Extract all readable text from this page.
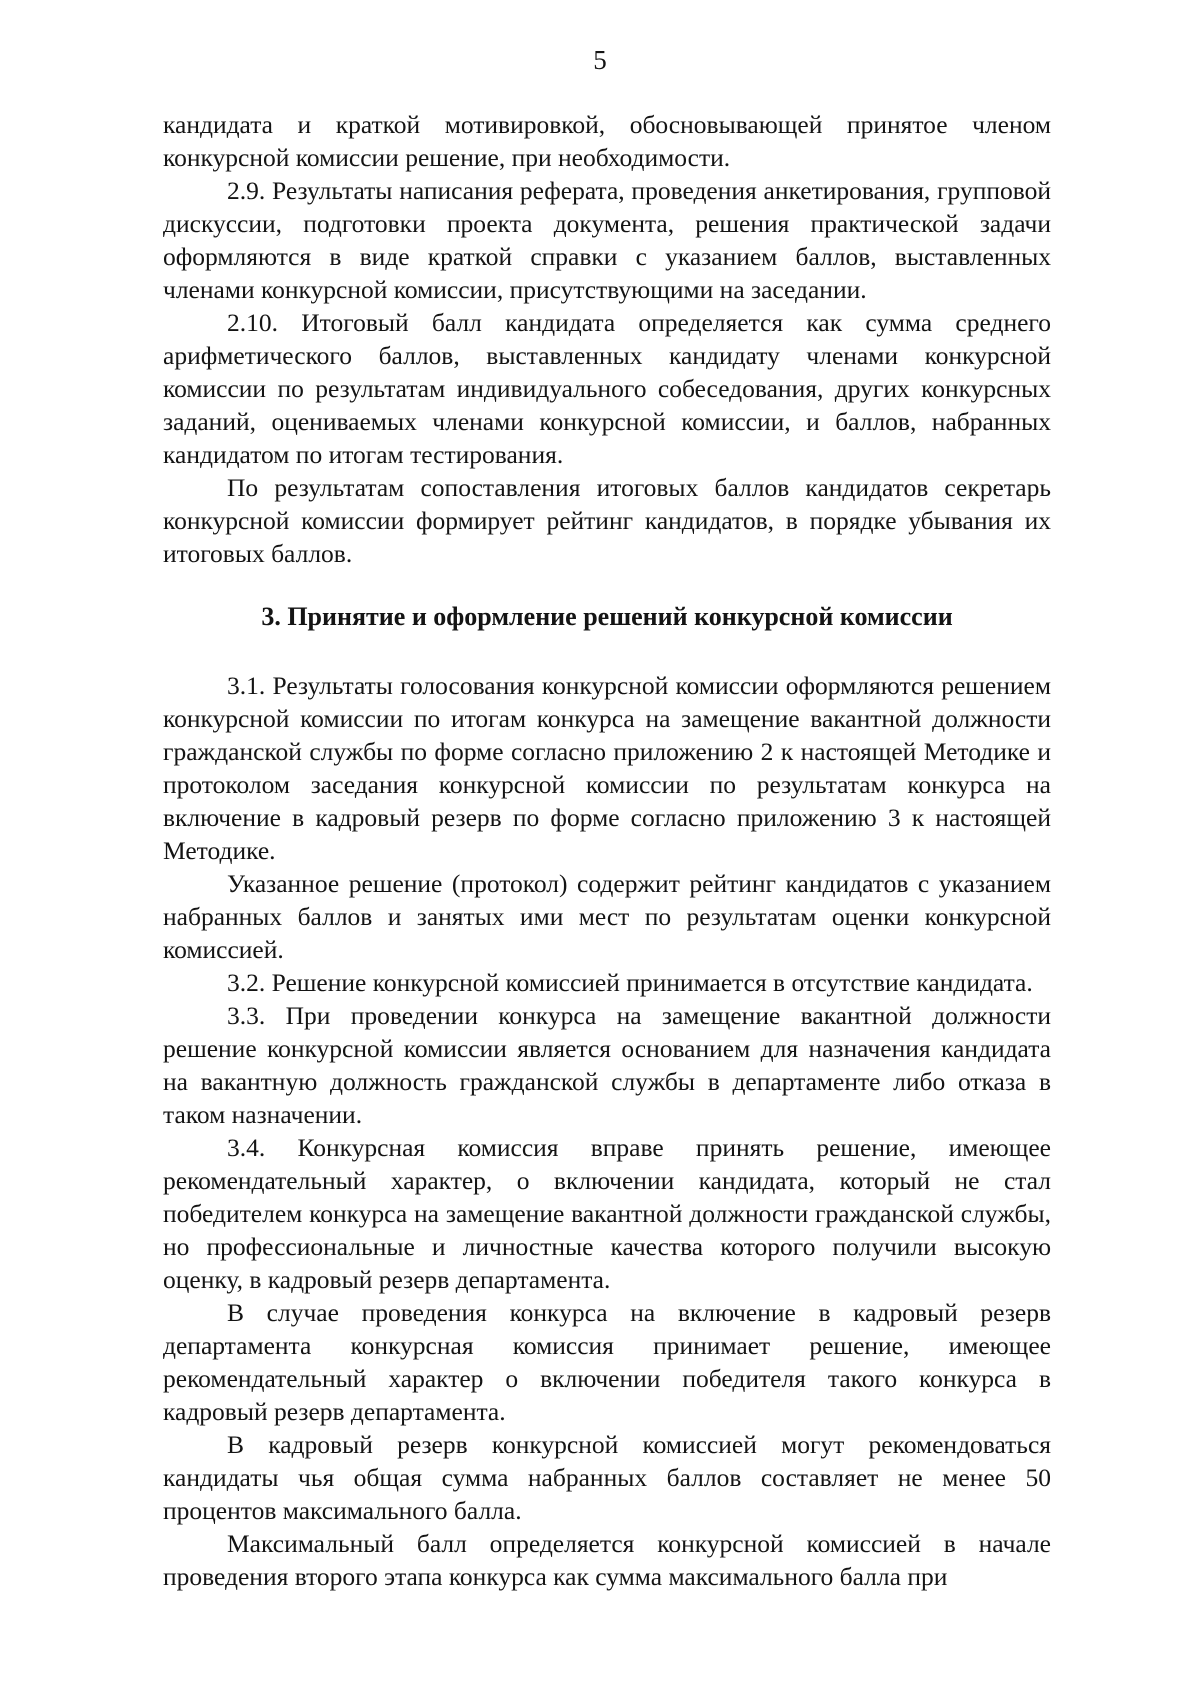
5

кандидата и краткой мотивировкой, обосновывающей принятое членом конкурсной комиссии решение, при необходимости.

2.9. Результаты написания реферата, проведения анкетирования, групповой дискуссии, подготовки проекта документа, решения практической задачи оформляются в виде краткой справки с указанием баллов, выставленных членами конкурсной комиссии, присутствующими на заседании.

2.10. Итоговый балл кандидата определяется как сумма среднего арифметического баллов, выставленных кандидату членами конкурсной комиссии по результатам индивидуального собеседования, других конкурсных заданий, оцениваемых членами конкурсной комиссии, и баллов, набранных кандидатом по итогам тестирования.

По результатам сопоставления итоговых баллов кандидатов секретарь конкурсной комиссии формирует рейтинг кандидатов, в порядке убывания их итоговых баллов.

3. Принятие и оформление решений конкурсной комиссии

3.1. Результаты голосования конкурсной комиссии оформляются решением конкурсной комиссии по итогам конкурса на замещение вакантной должности гражданской службы по форме согласно приложению 2 к настоящей Методике и протоколом заседания конкурсной комиссии по результатам конкурса на включение в кадровый резерв по форме согласно приложению 3 к настоящей Методике.

Указанное решение (протокол) содержит рейтинг кандидатов с указанием набранных баллов и занятых ими мест по результатам оценки конкурсной комиссией.

3.2. Решение конкурсной комиссией принимается в отсутствие кандидата.

3.3. При проведении конкурса на замещение вакантной должности решение конкурсной комиссии является основанием для назначения кандидата на вакантную должность гражданской службы в департаменте либо отказа в таком назначении.

3.4. Конкурсная комиссия вправе принять решение, имеющее рекомендательный характер, о включении кандидата, который не стал победителем конкурса на замещение вакантной должности гражданской службы, но профессиональные и личностные качества которого получили высокую оценку, в кадровый резерв департамента.

В случае проведения конкурса на включение в кадровый резерв департамента конкурсная комиссия принимает решение, имеющее рекомендательный характер о включении победителя такого конкурса в кадровый резерв департамента.

В кадровый резерв конкурсной комиссией могут рекомендоваться кандидаты чья общая сумма набранных баллов составляет не менее 50 процентов максимального балла.

Максимальный балл определяется конкурсной комиссией в начале проведения второго этапа конкурса как сумма максимального балла при
